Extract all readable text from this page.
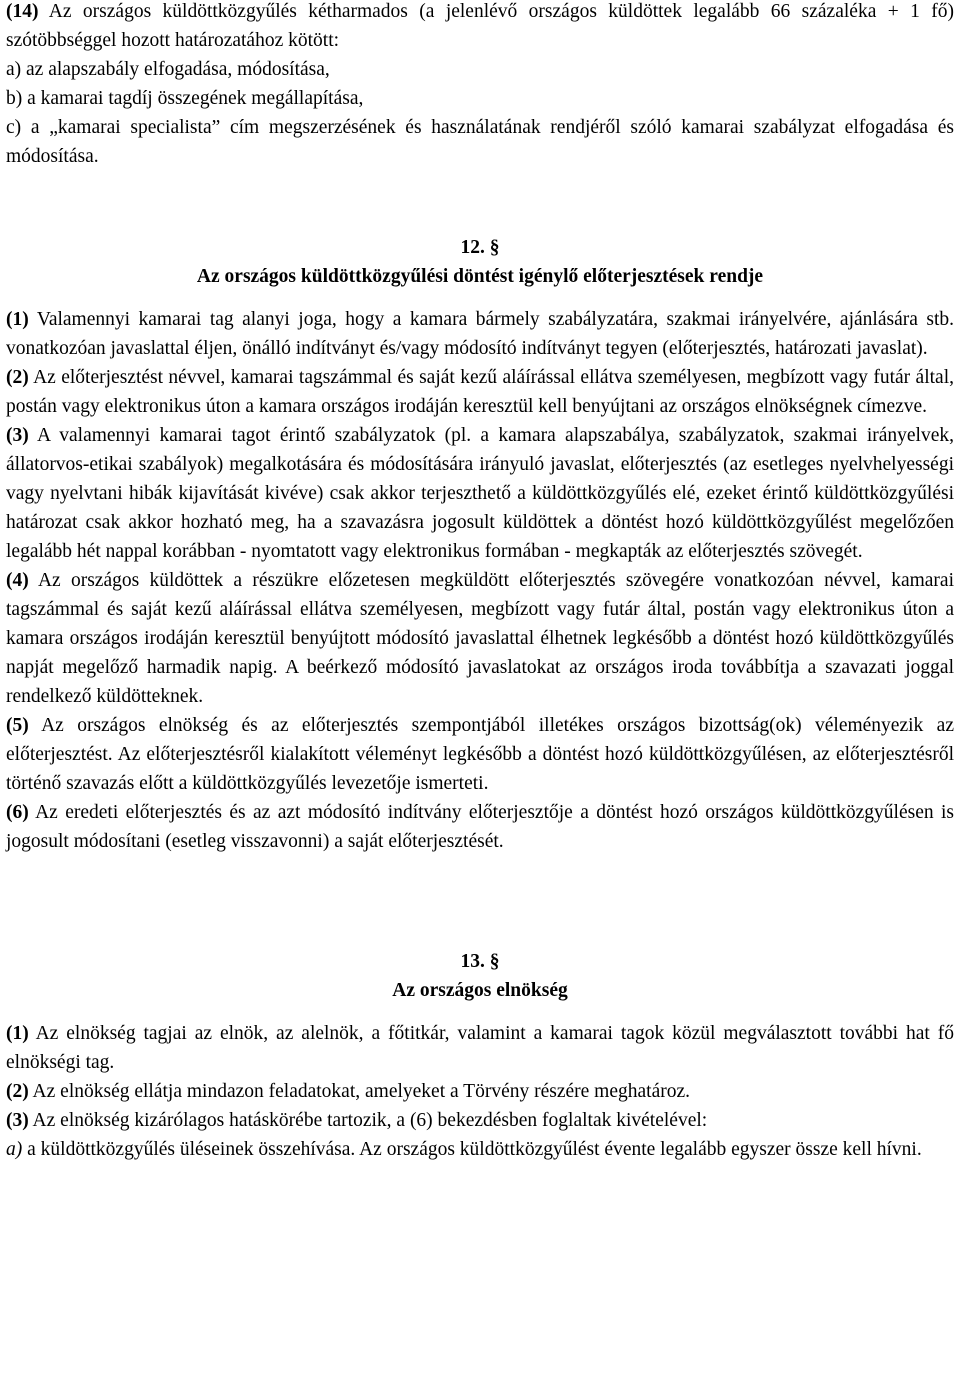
(14) Az országos küldöttközgyűlés kétharmados (a jelenlévő országos küldöttek legalább 66 százaléka + 1 fő) szótöbbséggel hozott határozatához kötött:

a) az alapszabály elfogadása, módosítása,

b) a kamarai tagdíj összegének megállapítása,

c) a „kamarai specialista” cím megszerzésének és használatának rendjéről szóló kamarai szabályzat elfogadása és módosítása.

12. §

Az országos küldöttközgyűlési döntést igénylő előterjesztések rendje

(1) Valamennyi kamarai tag alanyi joga, hogy a kamara bármely szabályzatára, szakmai irányelvére, ajánlására stb. vonatkozóan javaslattal éljen, önálló indítványt és/vagy módosító indítványt tegyen (előterjesztés, határozati javaslat).

(2) Az előterjesztést névvel, kamarai tagszámmal és saját kezű aláírással ellátva személyesen, megbízott vagy futár által, postán vagy elektronikus úton a kamara országos irodáján keresztül kell benyújtani az országos elnökségnek címezve.

(3) A valamennyi kamarai tagot érintő szabályzatok (pl. a kamara alapszabálya, szabályzatok, szakmai irányelvek, állatorvos-etikai szabályok) megalkotására és módosítására irányuló javaslat, előterjesztés (az esetleges nyelvhelyességi vagy nyelvtani hibák kijavítását kivéve) csak akkor terjeszthető a küldöttközgyűlés elé, ezeket érintő küldöttközgyűlési határozat csak akkor hozható meg, ha a szavazásra jogosult küldöttek a döntést hozó küldöttközgyűlést megelőzően legalább hét nappal korábban - nyomtatott vagy elektronikus formában - megkapták az előterjesztés szövegét.

(4) Az országos küldöttek a részükre előzetesen megküldött előterjesztés szövegére vonatkozóan névvel, kamarai tagszámmal és saját kezű aláírással ellátva személyesen, megbízott vagy futár által, postán vagy elektronikus úton a kamara országos irodáján keresztül benyújtott módosító javaslattal élhetnek legkésőbb a döntést hozó küldöttközgyűlés napját megelőző harmadik napig. A beérkező módosító javaslatokat az országos iroda továbbítja a szavazati joggal rendelkező küldötteknek.

(5) Az országos elnökség és az előterjesztés szempontjából illetékes országos bizottság(ok) véleményezik az előterjesztést. Az előterjesztésről kialakított véleményt legkésőbb a döntést hozó küldöttközgyűlésen, az előterjesztésről történő szavazás előtt a küldöttközgyűlés levezetője ismerteti.

(6) Az eredeti előterjesztés és az azt módosító indítvány előterjesztője a döntést hozó országos küldöttközgyűlésen is jogosult módosítani (esetleg visszavonni) a saját előterjesztését.

13. §

Az országos elnökség

(1) Az elnökség tagjai az elnök, az alelnök, a főtitkár, valamint a kamarai tagok közül megválasztott további hat fő elnökségi tag.

(2) Az elnökség ellátja mindazon feladatokat, amelyeket a Törvény részére meghatároz.

(3) Az elnökség kizárólagos hatáskörébe tartozik, a (6) bekezdésben foglaltak kivételével:

a) a küldöttközgyűlés üléseinek összehívása. Az országos küldöttközgyűlést évente legalább egyszer össze kell hívni.
